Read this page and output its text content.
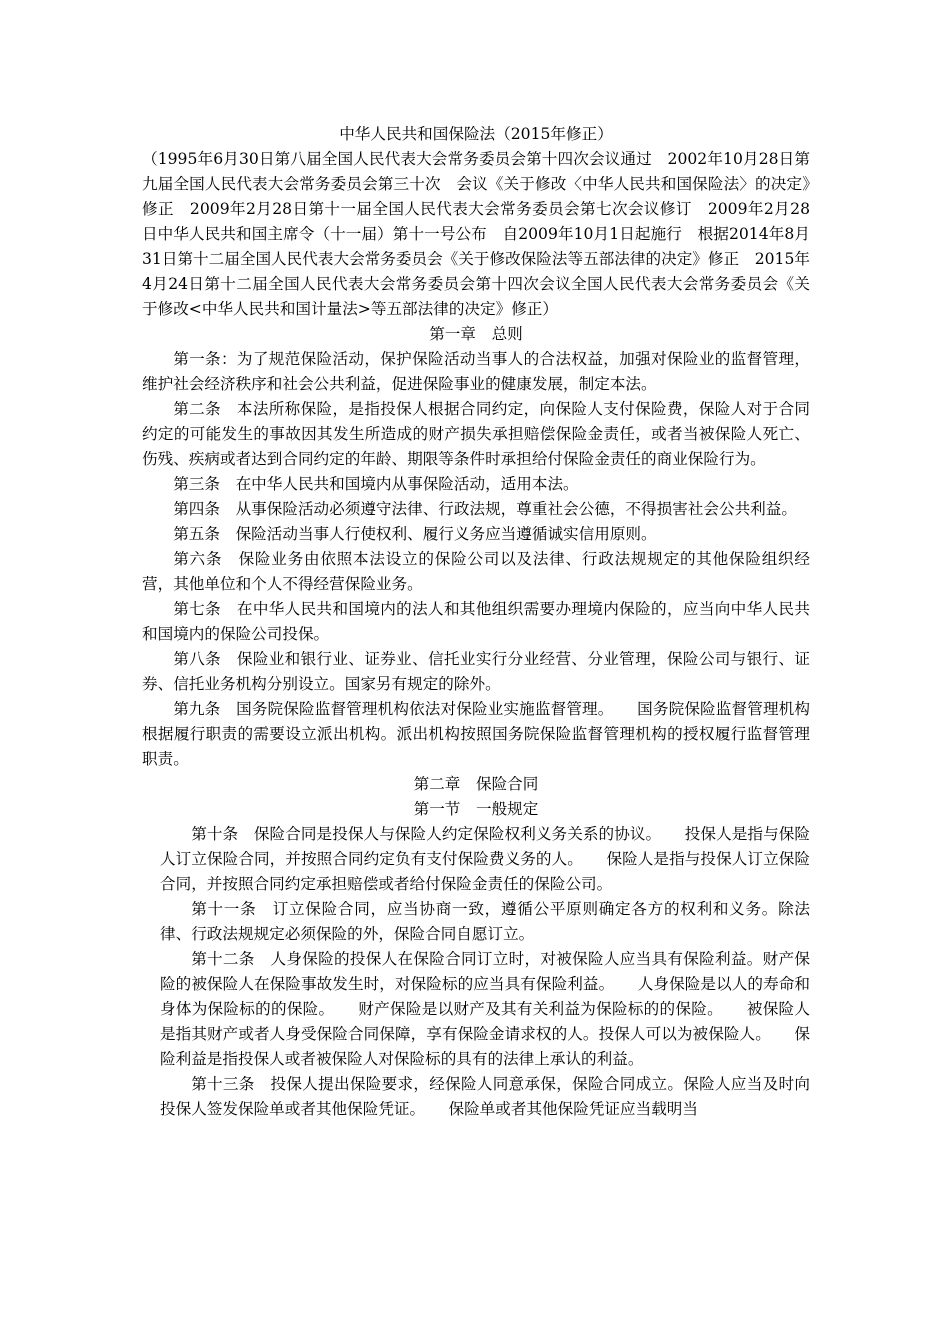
中华人民共和国保险法（2015年修正）

（1995年6月30日第八届全国人民代表大会常务委员会第十四次会议通过　2002年10月28日第九届全国人民代表大会常务委员会第三十次　会议《关于修改〈中华人民共和国保险法〉的决定》修正　2009年2月28日第十一届全国人民代表大会常务委员会第七次会议修订　2009年2月28日中华人民共和国主席令（十一届）第十一号公布　自2009年10月1日起施行　根据2014年8月31日第十二届全国人民代表大会常务委员会《关于修改保险法等五部法律的决定》修正　2015年4月24日第十二届全国人民代表大会常务委员会第十四次会议全国人民代表大会常务委员会《关于修改<中华人民共和国计量法>等五部法律的决定》修正）

第一章　总则

第一条：为了规范保险活动，保护保险活动当事人的合法权益，加强对保险业的监督管理，维护社会经济秩序和社会公共利益，促进保险事业的健康发展，制定本法。

第二条　本法所称保险，是指投保人根据合同约定，向保险人支付保险费，保险人对于合同约定的可能发生的事故因其发生所造成的财产损失承担赔偿保险金责任，或者当被保险人死亡、伤残、疾病或者达到合同约定的年龄、期限等条件时承担给付保险金责任的商业保险行为。

第三条　在中华人民共和国境内从事保险活动，适用本法。

第四条　从事保险活动必须遵守法律、行政法规，尊重社会公德，不得损害社会公共利益。

第五条　保险活动当事人行使权利、履行义务应当遵循诚实信用原则。

第六条　保险业务由依照本法设立的保险公司以及法律、行政法规规定的其他保险组织经营，其他单位和个人不得经营保险业务。

第七条　在中华人民共和国境内的法人和其他组织需要办理境内保险的，应当向中华人民共和国境内的保险公司投保。

第八条　保险业和银行业、证券业、信托业实行分业经营、分业管理，保险公司与银行、证券、信托业务机构分别设立。国家另有规定的除外。

第九条　国务院保险监督管理机构依法对保险业实施监督管理。　　国务院保险监督管理机构根据履行职责的需要设立派出机构。派出机构按照国务院保险监督管理机构的授权履行监督管理职责。

第二章　保险合同

第一节　一般规定

第十条　保险合同是投保人与保险人约定保险权利义务关系的协议。　　投保人是指与保险人订立保险合同，并按照合同约定负有支付保险费义务的人。　　保险人是指与投保人订立保险合同，并按照合同约定承担赔偿或者给付保险金责任的保险公司。

第十一条　订立保险合同，应当协商一致，遵循公平原则确定各方的权利和义务。除法律、行政法规规定必须保险的外，保险合同自愿订立。

第十二条　人身保险的投保人在保险合同订立时，对被保险人应当具有保险利益。财产保险的被保险人在保险事故发生时，对保险标的应当具有保险利益。　　人身保险是以人的寿命和身体为保险标的的保险。　　财产保险是以财产及其有关利益为保险标的的保险。　　被保险人是指其财产或者人身受保险合同保障，享有保险金请求权的人。投保人可以为被保险人。　　保险利益是指投保人或者被保险人对保险标的具有的法律上承认的利益。

第十三条　投保人提出保险要求，经保险人同意承保，保险合同成立。保险人应当及时向投保人签发保险单或者其他保险凭证。　　保险单或者其他保险凭证应当载明当
